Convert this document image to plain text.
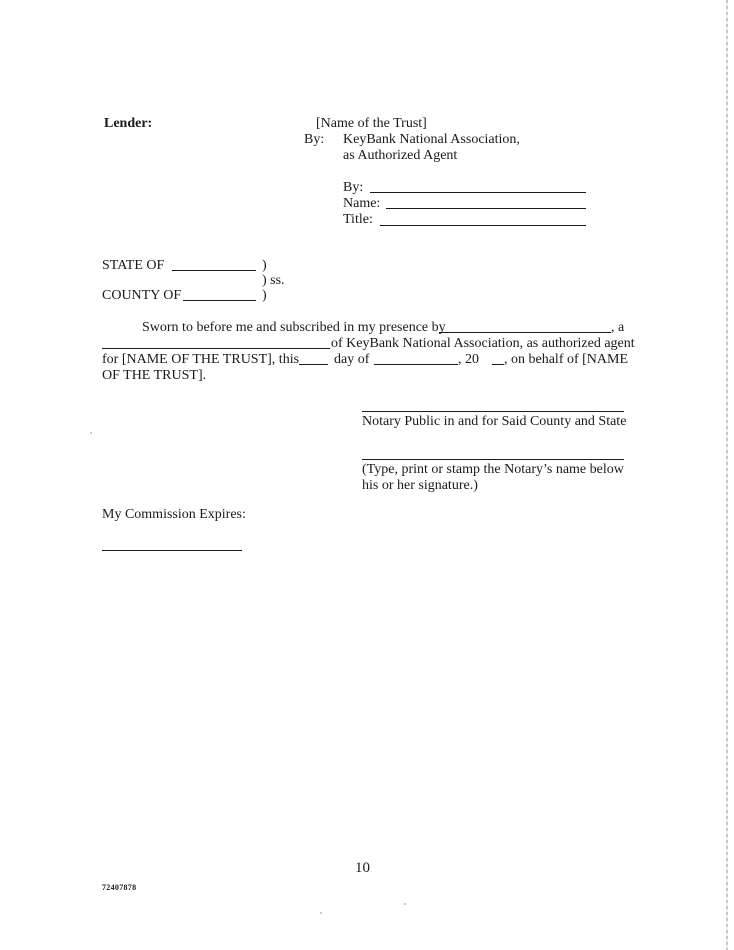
Lender:	[Name of the Trust]
By: KeyBank National Association,
as Authorized Agent
By:
Name:
Title:
STATE OF	)
) ss.
COUNTY OF	)
Sworn to before me and subscribed in my presence by	, a
of KeyBank National Association, as authorized agent
for [NAME OF THE TRUST], this day of	, 20 , on behalf of [NAME
OF THE TRUST].
Notary Public in and for Said County and State
(Type, print or stamp the Notary’s name below
his or her signature.)
My Commission Expires:
10
72407878
